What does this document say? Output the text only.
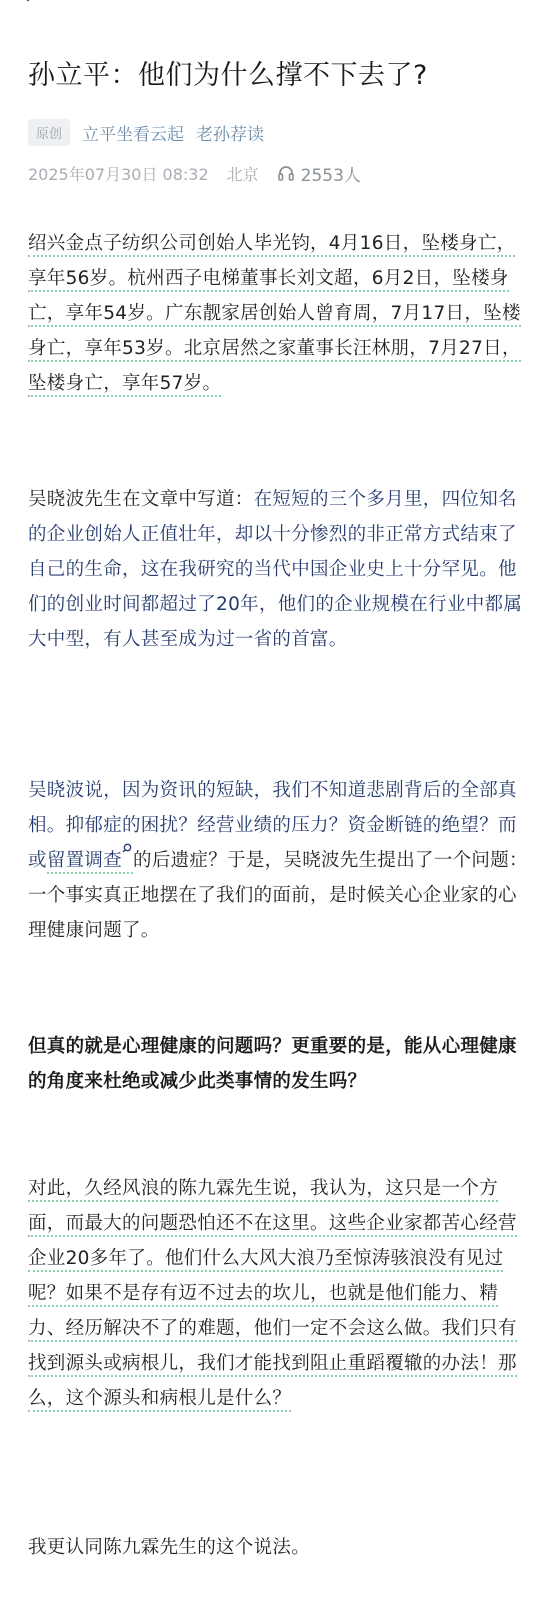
孙立平：他们为什么撑不下去了?
原创	立平坐看云起 老孙荐读
2025年07月30日 08:32 北京 2553人

绍兴金点子纺织公司创始人毕光钧，4月16日，坠楼身亡，享年56岁。杭州西子电梯董事长刘文超，6月2日，坠楼身亡，享年54岁。广东靓家居创始人曾育周，7月17日，坠楼身亡，享年53岁。北京居然之家董事长汪林朋，7月27日，坠楼身亡，享年57岁。

吴晓波先生在文章中写道：在短短的三个多月里，四位知名的企业创始人正值壮年，却以十分惨烈的非正常方式结束了自己的生命，这在我研究的当代中国企业史上十分罕见。他们的创业时间都超过了20年，他们的企业规模在行业中都属大中型，有人甚至成为过一省的首富。

吴晓波说，因为资讯的短缺，我们不知道悲剧背后的全部真相。抑郁症的困扰？经营业绩的压力？资金断链的绝望？而或留置调查 的后遗症？于是，吴晓波先生提出了一个问题：一个事实真正地摆在了我们的面前，是时候关心企业家的心理健康问题了。

但真的就是心理健康的问题吗？更重要的是，能从心理健康的角度来杜绝或减少此类事情的发生吗？

对此，久经风浪的陈九霖先生说，我认为，这只是一个方面，而最大的问题恐怕还不在这里。这些企业家都苦心经营企业20多年了。他们什么大风大浪乃至惊涛骇浪没有见过呢？如果不是存有迈不过去的坎儿，也就是他们能力、精力、经历解决不了的难题，他们一定不会这么做。我们只有找到源头或病根儿，我们才能找到阻止重蹈覆辙的办法！那么，这个源头和病根儿是什么？

我更认同陈九霖先生的这个说法。
